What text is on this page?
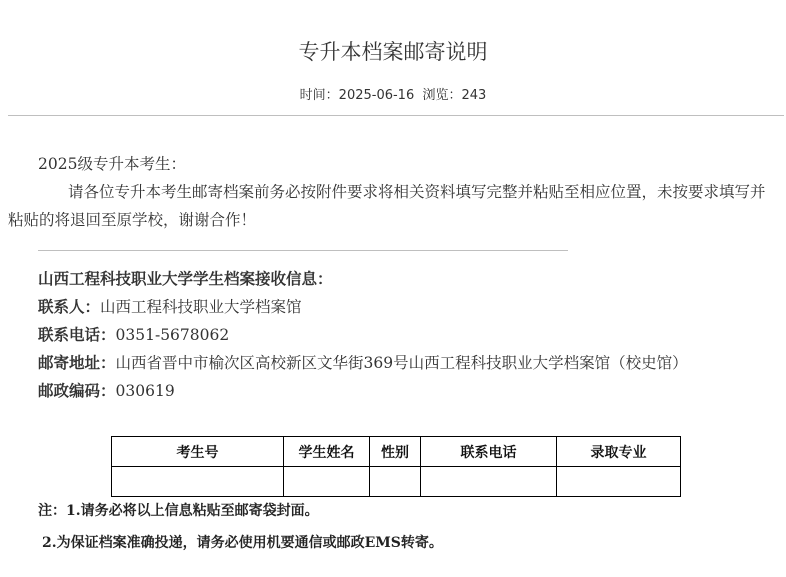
专升本档案邮寄说明
时间：2025-06-16 浏览：243

2025级专升本考生：

请各位专升本考生邮寄档案前务必按附件要求将相关资料填写完整并粘贴至相应位置，未按要求填写并粘贴的将退回至原学校，谢谢合作！

山西工程科技职业大学学生档案接收信息：

联系人：山西工程科技职业大学档案馆

联系电话：0351-5678062

邮寄地址：山西省晋中市榆次区高校新区文华街369号山西工程科技职业大学档案馆（校史馆）

邮政编码：030619

考生号	学生姓名	性别	联系电话	录取专业

注：1.请务必将以上信息粘贴至邮寄袋封面。

2.为保证档案准确投递，请务必使用机要通信或邮政EMS转寄。
